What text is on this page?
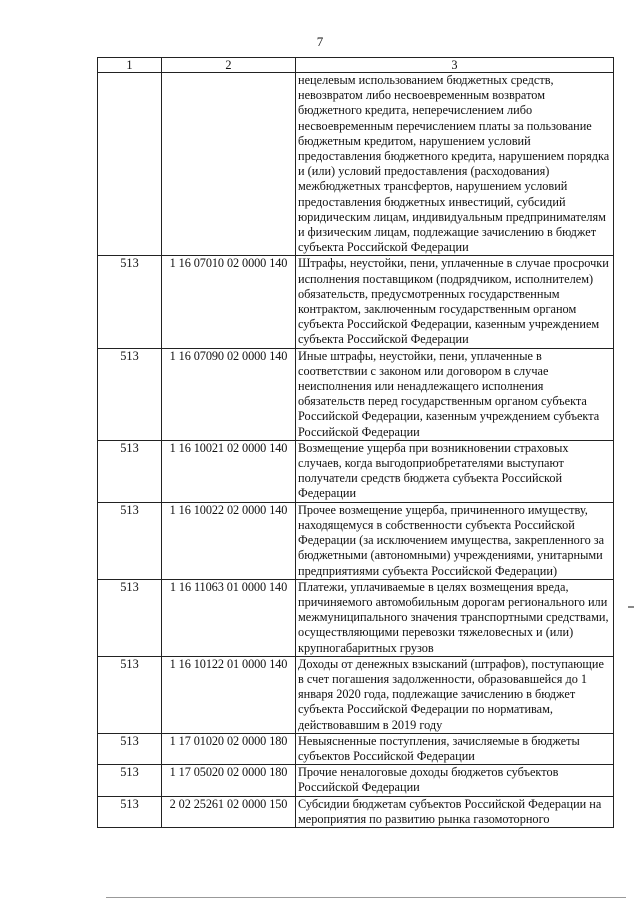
7
1	2	3
		нецелевым использованием бюджетных средств, невозвратом либо несвоевременным возвратом бюджетного кредита, неперечислением либо несвоевременным перечислением платы за пользование бюджетным кредитом, нарушением условий предоставления бюджетного кредита, нарушением порядка и (или) условий предоставления (расходования) межбюджетных трансфертов, нарушением условий предоставления бюджетных инвестиций, субсидий юридическим лицам, индивидуальным предпринимателям и физическим лицам, подлежащие зачислению в бюджет субъекта Российской Федерации
513	1 16 07010 02 0000 140	Штрафы, неустойки, пени, уплаченные в случае просрочки исполнения поставщиком (подрядчиком, исполнителем) обязательств, предусмотренных государственным контрактом, заключенным государственным органом субъекта Российской Федерации, казенным учреждением субъекта Российской Федерации
513	1 16 07090 02 0000 140	Иные штрафы, неустойки, пени, уплаченные в соответствии с законом или договором в случае неисполнения или ненадлежащего исполнения обязательств перед государственным органом субъекта Российской Федерации, казенным учреждением субъекта Российской Федерации
513	1 16 10021 02 0000 140	Возмещение ущерба при возникновении страховых случаев, когда выгодоприобретателями выступают получатели средств бюджета субъекта Российской Федерации
513	1 16 10022 02 0000 140	Прочее возмещение ущерба, причиненного имуществу, находящемуся в собственности субъекта Российской Федерации (за исключением имущества, закрепленного за бюджетными (автономными) учреждениями, унитарными предприятиями субъекта Российской Федерации)
513	1 16 11063 01 0000 140	Платежи, уплачиваемые в целях возмещения вреда, причиняемого автомобильным дорогам регионального или межмуниципального значения транспортными средствами, осуществляющими перевозки тяжеловесных и (или) крупногабаритных грузов
513	1 16 10122 01 0000 140	Доходы от денежных взысканий (штрафов), поступающие в счет погашения задолженности, образовавшейся до 1 января 2020 года, подлежащие зачислению в бюджет субъекта Российской Федерации по нормативам, действовавшим в 2019 году
513	1 17 01020 02 0000 180	Невыясненные поступления, зачисляемые в бюджеты субъектов Российской Федерации
513	1 17 05020 02 0000 180	Прочие неналоговые доходы бюджетов субъектов Российской Федерации
513	2 02 25261 02 0000 150	Субсидии бюджетам субъектов Российской Федерации на мероприятия по развитию рынка газомоторного
